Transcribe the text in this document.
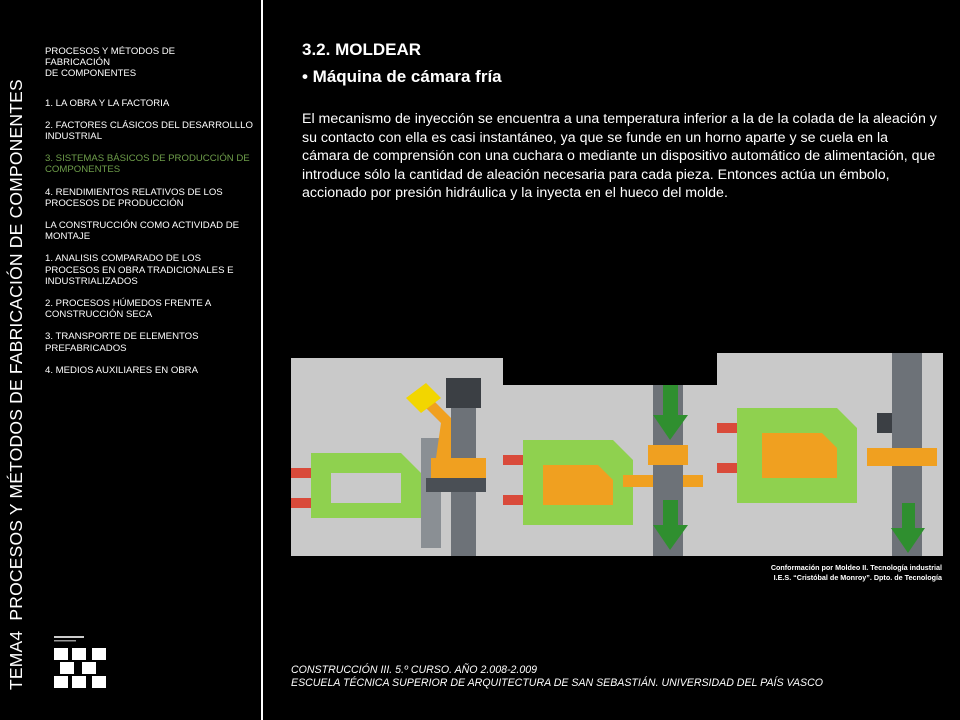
TEMA4PROCESOS Y MÉTODOS DE FABRICACIÓN DE COMPONENTES
PROCESOS Y MÉTODOS DE
FABRICACIÓN
DE COMPONENTES
1. LA OBRA Y LA FACTORIA
2. FACTORES CLÁSICOS DEL DESARROLLLO INDUSTRIAL
3. SISTEMAS BÁSICOS DE PRODUCCIÓN DE COMPONENTES
4. RENDIMIENTOS RELATIVOS DE LOS PROCESOS DE PRODUCCIÓN
LA CONSTRUCCIÓN COMO ACTIVIDAD DE MONTAJE
1. ANALISIS COMPARADO DE LOS PROCESOS EN OBRA TRADICIONALES E INDUSTRIALIZADOS
2. PROCESOS HÚMEDOS FRENTE A CONSTRUCCIÓN SECA
3. TRANSPORTE DE ELEMENTOS PREFABRICADOS
4. MEDIOS AUXILIARES EN OBRA
3.2. MOLDEAR
• Máquina de cámara fría
El mecanismo de inyección se encuentra a una temperatura inferior a la de la colada de la aleación y su contacto con ella es casi instantáneo, ya que se funde en un horno aparte y se cuela en la cámara de comprensión con una cuchara o mediante un dispositivo automático de alimentación, que introduce sólo la cantidad de aleación necesaria para cada pieza. Entonces actúa un émbolo, accionado por presión hidráulica y la inyecta en el hueco del molde.
Conformación por Moldeo II. Tecnología industrial
I.E.S. “Cristóbal de Monroy”. Dpto. de Tecnología
CONSTRUCCIÓN III. 5.º CURSO. AÑO 2.008-2.009
ESCUELA TÉCNICA SUPERIOR DE ARQUITECTURA DE SAN SEBASTIÁN. UNIVERSIDAD DEL PAÍS VASCO
